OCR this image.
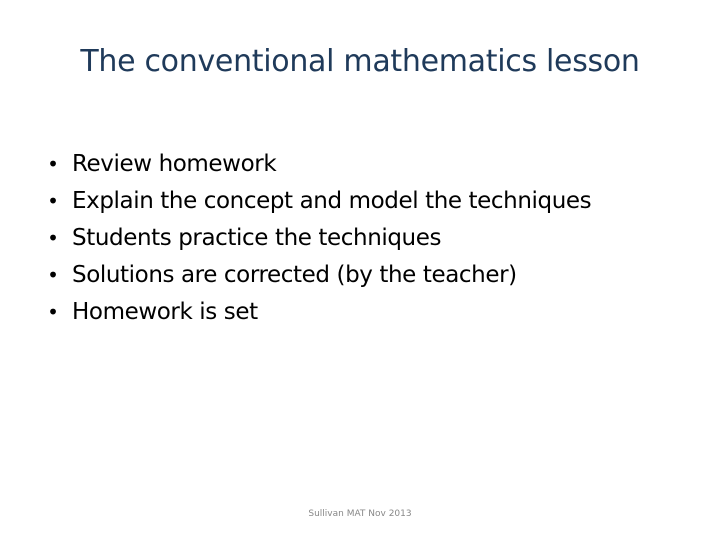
The conventional mathematics lesson
• Review homework
• Explain the concept and model the techniques
• Students practice the techniques
• Solutions are corrected (by the teacher)
• Homework is set
Sullivan MAT Nov 2013
